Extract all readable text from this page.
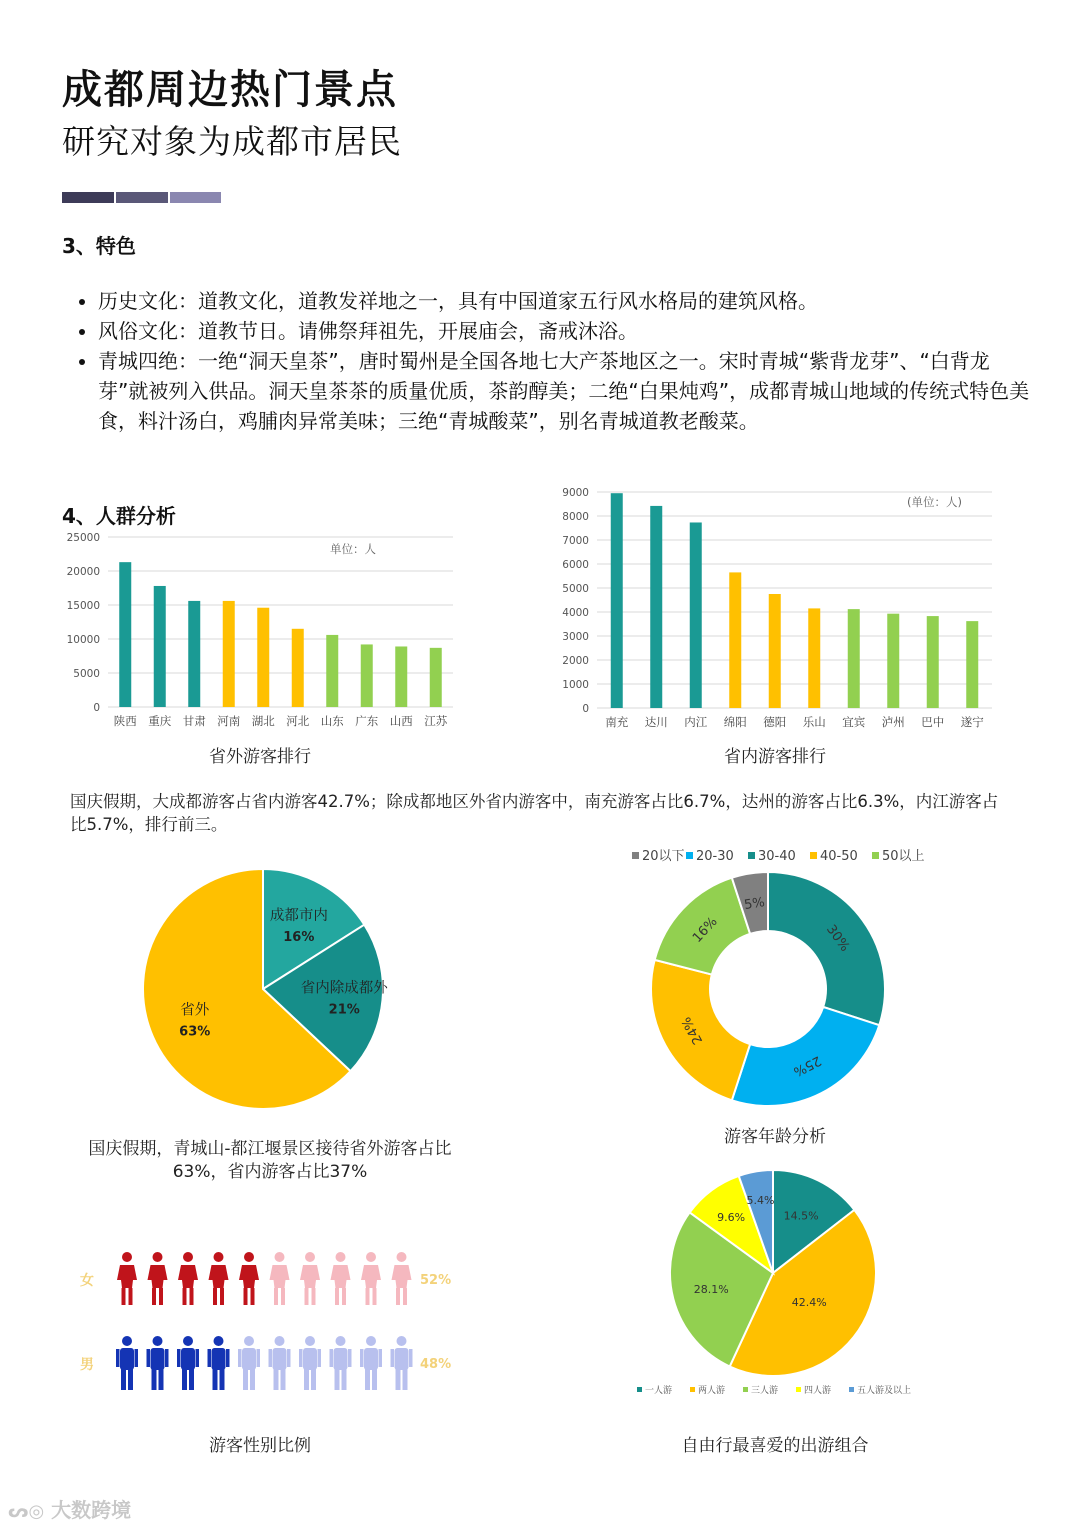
成都周边热门景点
研究对象为成都市居民
3、特色
• 历史文化：道教文化，道教发祥地之一，具有中国道家五行风水格局的建筑风格。
• 风俗文化：道教节日。请佛祭拜祖先，开展庙会，斋戒沐浴。
• 青城四绝：一绝“洞天皇茶”，唐时蜀州是全国各地七大产茶地区之一。宋时青城“紫背龙芽”、“白背龙芽”就被列入供品。洞天皇茶茶的质量优质，茶韵醇美；二绝“白果炖鸡”，成都青城山地域的传统式特色美食，料汁汤白，鸡脯肉异常美味；三绝“青城酸菜”，别名青城道教老酸菜。
4、人群分析
0
5000
10000
15000
20000
25000
陕西 重庆 甘肃 河南 湖北 河北 山东 广东 山西 江苏
单位：人
省外游客排行
0
1000
2000
3000
4000
5000
6000
7000
8000
9000
南充 达川 内江 绵阳 德阳 乐山 宜宾 泸州 巴中 遂宁
(单位：人)
省内游客排行
国庆假期，大成都游客占省内游客42.7%；除成都地区外省内游客中，南充游客占比6.7%，达州的游客占比6.3%，内江游客占比5.7%，排行前三。
成都市内
16%
省内除成都外
21%
省外
63%
国庆假期，青城山-都江堰景区接待省外游客占比63%，省内游客占比37%
30%
25%
24%
16%
5%
20以下 20-30 30-40 40-50 50以上
游客年龄分析
女	52%
男	48%
游客性别比例
14.5%
42.4%
28.1%
9.6%
5.4%
一人游	两人游	三人游	四人游	五人游及以上
自由行最喜爱的出游组合
ᔕ◎ 大数跨境
